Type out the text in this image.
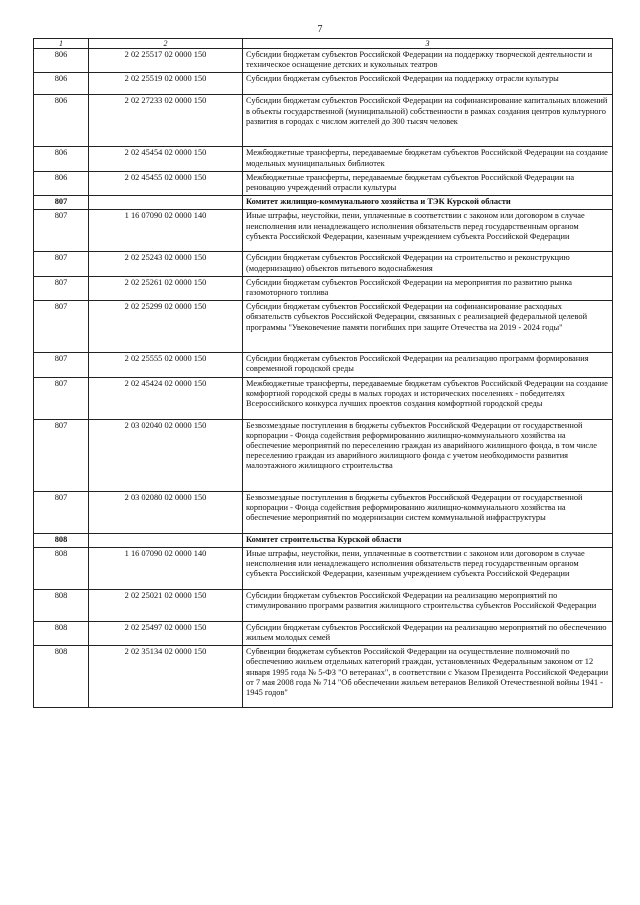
7
1	2	3
806	2 02 25517 02 0000 150	Субсидии бюджетам субъектов Российской Федерации на поддержку творческой деятельности и техническое оснащение детских и кукольных театров
806	2 02 25519 02 0000 150	Субсидии бюджетам субъектов Российской Федерации на поддержку отрасли культуры
806	2 02 27233 02 0000 150	Субсидии бюджетам субъектов Российской Федерации на софинансирование капитальных вложений в объекты государственной (муниципальной) собственности в рамках создания центров культурного развития в городах с числом жителей до 300 тысяч человек
806	2 02 45454 02 0000 150	Межбюджетные трансферты, передаваемые бюджетам субъектов Российской Федерации на создание модельных муниципальных библиотек
806	2 02 45455 02 0000 150	Межбюджетные трансферты, передаваемые бюджетам субъектов Российской Федерации на реновацию учреждений отрасли культуры
807		Комитет жилищно-коммунального хозяйства и ТЭК Курской области
807	1 16 07090 02 0000 140	Иные штрафы, неустойки, пени, уплаченные в соответствии с законом или договором в случае неисполнения или ненадлежащего исполнения обязательств перед государственным органом субъекта Российской Федерации, казенным учреждением субъекта Российской Федерации
807	2 02 25243 02 0000 150	Субсидии бюджетам субъектов Российской Федерации на строительство и реконструкцию (модернизацию) объектов питьевого водоснабжения
807	2 02 25261 02 0000 150	Субсидии бюджетам субъектов Российской Федерации на мероприятия по развитию рынка газомоторного топлива
807	2 02 25299 02 0000 150	Субсидии бюджетам субъектов Российской Федерации на софинансирование расходных обязательств субъектов Российской Федерации, связанных с реализацией федеральной целевой программы "Увековечение памяти погибших при защите Отечества на 2019 - 2024 годы"
807	2 02 25555 02 0000 150	Субсидии бюджетам субъектов Российской Федерации на реализацию программ формирования современной городской среды
807	2 02 45424 02 0000 150	Межбюджетные трансферты, передаваемые бюджетам субъектов Российской Федерации на создание комфортной городской среды в малых городах и исторических поселениях - победителях Всероссийского конкурса лучших проектов создания комфортной городской среды
807	2 03 02040 02 0000 150	Безвозмездные поступления в бюджеты субъектов Российской Федерации от государственной корпорации - Фонда содействия реформированию жилищно-коммунального хозяйства на обеспечение мероприятий по переселению граждан из аварийного жилищного фонда, в том числе переселению граждан из аварийного жилищного фонда с учетом необходимости развития малоэтажного жилищного строительства
807	2 03 02080 02 0000 150	Безвозмездные поступления в бюджеты субъектов Российской Федерации от государственной корпорации - Фонда содействия реформированию жилищно-коммунального хозяйства на обеспечение мероприятий по модернизации систем коммунальной инфраструктуры
808		Комитет строительства Курской области
808	1 16 07090 02 0000 140	Иные штрафы, неустойки, пени, уплаченные в соответствии с законом или договором в случае неисполнения или ненадлежащего исполнения обязательств перед государственным органом субъекта Российской Федерации, казенным учреждением субъекта Российской Федерации
808	2 02 25021 02 0000 150	Субсидии бюджетам субъектов Российской Федерации на реализацию мероприятий по стимулированию программ развития жилищного строительства субъектов Российской Федерации
808	2 02 25497 02 0000 150	Субсидии бюджетам субъектов Российской Федерации на реализацию мероприятий по обеспечению жильем молодых семей
808	2 02 35134 02 0000 150	Субвенции бюджетам субъектов Российской Федерации на осуществление полномочий по обеспечению жильем отдельных категорий граждан, установленных Федеральным законом от 12 января 1995 года № 5-ФЗ "О ветеранах", в соответствии с Указом Президента Российской Федерации от 7 мая 2008 года № 714 "Об обеспечении жильем ветеранов Великой Отечественной войны 1941 - 1945 годов"
